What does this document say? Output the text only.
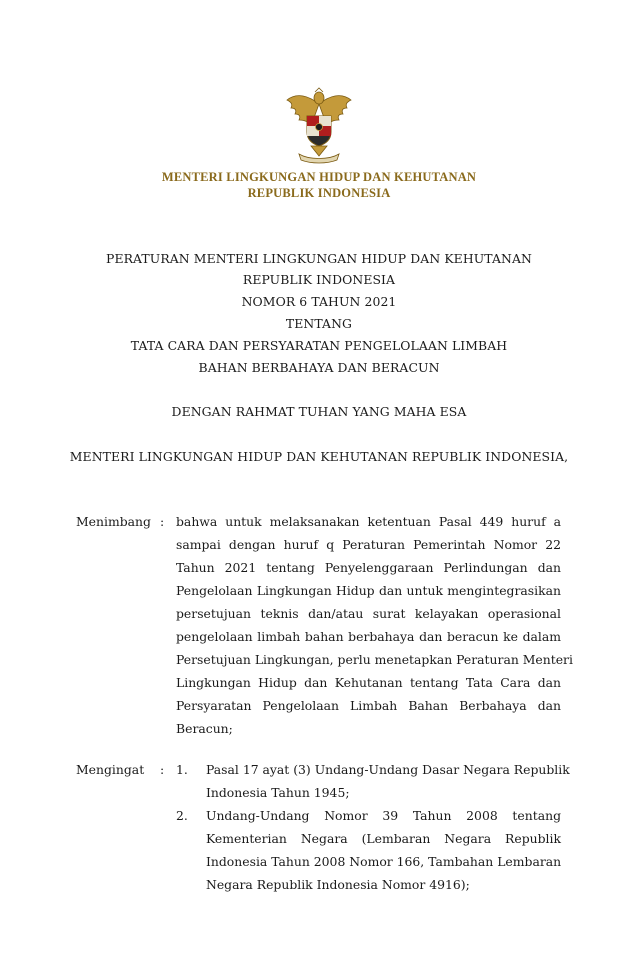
MENTERI LINGKUNGAN HIDUP DAN KEHUTANAN
REPUBLIK INDONESIA
PERATURAN MENTERI LINGKUNGAN HIDUP DAN KEHUTANAN
REPUBLIK INDONESIA
NOMOR 6 TAHUN 2021
TENTANG
TATA CARA DAN PERSYARATAN PENGELOLAAN LIMBAH
BAHAN BERBAHAYA DAN BERACUN
DENGAN RAHMAT TUHAN YANG MAHA ESA
MENTERI LINGKUNGAN HIDUP DAN KEHUTANAN REPUBLIK INDONESIA,
Menimbang : bahwa untuk melaksanakan ketentuan Pasal 449 huruf a
sampai dengan huruf q Peraturan Pemerintah Nomor 22
Tahun 2021 tentang Penyelenggaraan Perlindungan dan
Pengelolaan Lingkungan Hidup dan untuk mengintegrasikan
persetujuan teknis dan/atau surat kelayakan operasional
pengelolaan limbah bahan berbahaya dan beracun ke dalam
Persetujuan Lingkungan, perlu menetapkan Peraturan Menteri
Lingkungan Hidup dan Kehutanan tentang Tata Cara dan
Persyaratan Pengelolaan Limbah Bahan Berbahaya dan
Beracun;
Mengingat : 1. Pasal 17 ayat (3) Undang-Undang Dasar Negara Republik
Indonesia Tahun 1945;
2. Undang-Undang Nomor 39 Tahun 2008 tentang
Kementerian Negara (Lembaran Negara Republik
Indonesia Tahun 2008 Nomor 166, Tambahan Lembaran
Negara Republik Indonesia Nomor 4916);
